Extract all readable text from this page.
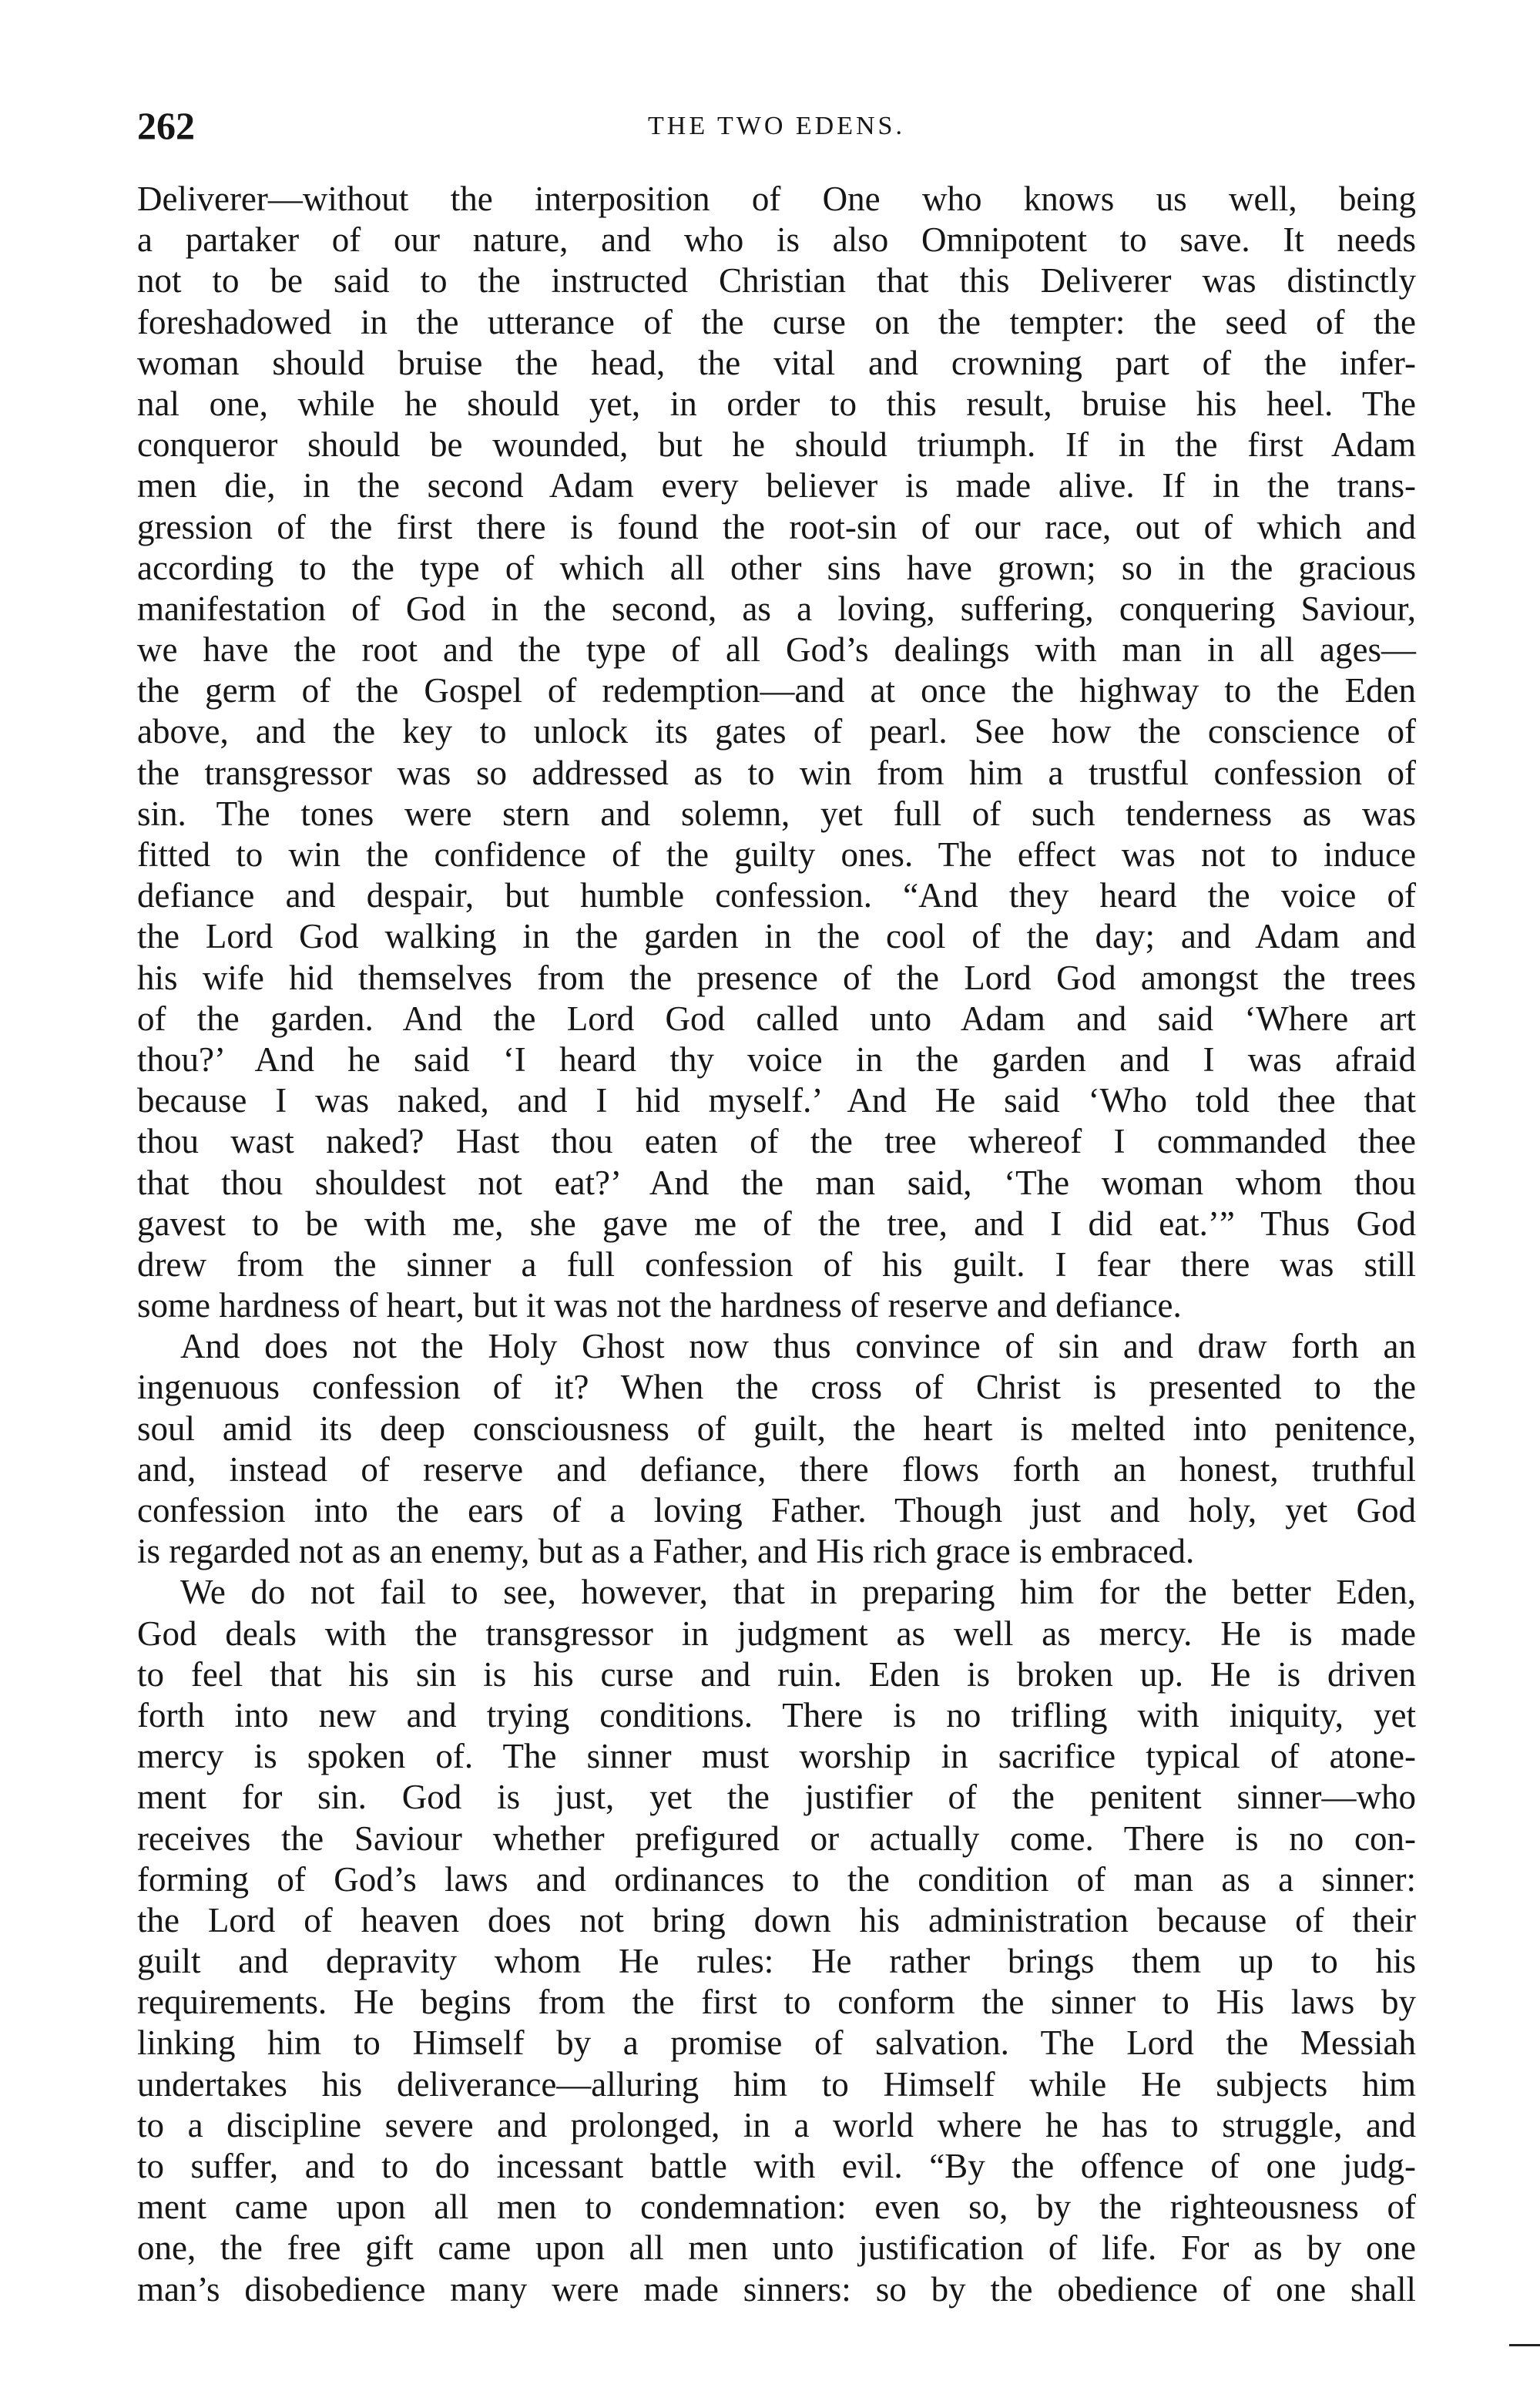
262	THE TWO EDENS.
Deliverer—without the interposition of One who knows us well, being
a partaker of our nature, and who is also Omnipotent to save. It needs
not to be said to the instructed Christian that this Deliverer was distinctly
foreshadowed in the utterance of the curse on the tempter: the seed of the
woman should bruise the head, the vital and crowning part of the infer-
nal one, while he should yet, in order to this result, bruise his heel. The
conqueror should be wounded, but he should triumph. If in the first Adam
men die, in the second Adam every believer is made alive. If in the trans-
gression of the first there is found the root-sin of our race, out of which and
according to the type of which all other sins have grown; so in the gracious
manifestation of God in the second, as a loving, suffering, conquering Saviour,
we have the root and the type of all God’s dealings with man in all ages—
the germ of the Gospel of redemption—and at once the highway to the Eden
above, and the key to unlock its gates of pearl. See how the conscience of
the transgressor was so addressed as to win from him a trustful confession of
sin. The tones were stern and solemn, yet full of such tenderness as was
fitted to win the confidence of the guilty ones. The effect was not to induce
defiance and despair, but humble confession. “And they heard the voice of
the Lord God walking in the garden in the cool of the day; and Adam and
his wife hid themselves from the presence of the Lord God amongst the trees
of the garden. And the Lord God called unto Adam and said ‘Where art
thou?’ And he said ‘I heard thy voice in the garden and I was afraid
because I was naked, and I hid myself.’ And He said ‘Who told thee that
thou wast naked? Hast thou eaten of the tree whereof I commanded thee
that thou shouldest not eat?’ And the man said, ‘The woman whom thou
gavest to be with me, she gave me of the tree, and I did eat.’” Thus God
drew from the sinner a full confession of his guilt. I fear there was still
some hardness of heart, but it was not the hardness of reserve and defiance.
And does not the Holy Ghost now thus convince of sin and draw forth an
ingenuous confession of it? When the cross of Christ is presented to the
soul amid its deep consciousness of guilt, the heart is melted into penitence,
and, instead of reserve and defiance, there flows forth an honest, truthful
confession into the ears of a loving Father. Though just and holy, yet God
is regarded not as an enemy, but as a Father, and His rich grace is embraced.
We do not fail to see, however, that in preparing him for the better Eden,
God deals with the transgressor in judgment as well as mercy. He is made
to feel that his sin is his curse and ruin. Eden is broken up. He is driven
forth into new and trying conditions. There is no trifling with iniquity, yet
mercy is spoken of. The sinner must worship in sacrifice typical of atone-
ment for sin. God is just, yet the justifier of the penitent sinner—who
receives the Saviour whether prefigured or actually come. There is no con-
forming of God’s laws and ordinances to the condition of man as a sinner:
the Lord of heaven does not bring down his administration because of their
guilt and depravity whom He rules: He rather brings them up to his
requirements. He begins from the first to conform the sinner to His laws by
linking him to Himself by a promise of salvation. The Lord the Messiah
undertakes his deliverance—alluring him to Himself while He subjects him
to a discipline severe and prolonged, in a world where he has to struggle, and
to suffer, and to do incessant battle with evil. “By the offence of one judg-
ment came upon all men to condemnation: even so, by the righteousness of
one, the free gift came upon all men unto justification of life. For as by one
man’s disobedience many were made sinners: so by the obedience of one shall
